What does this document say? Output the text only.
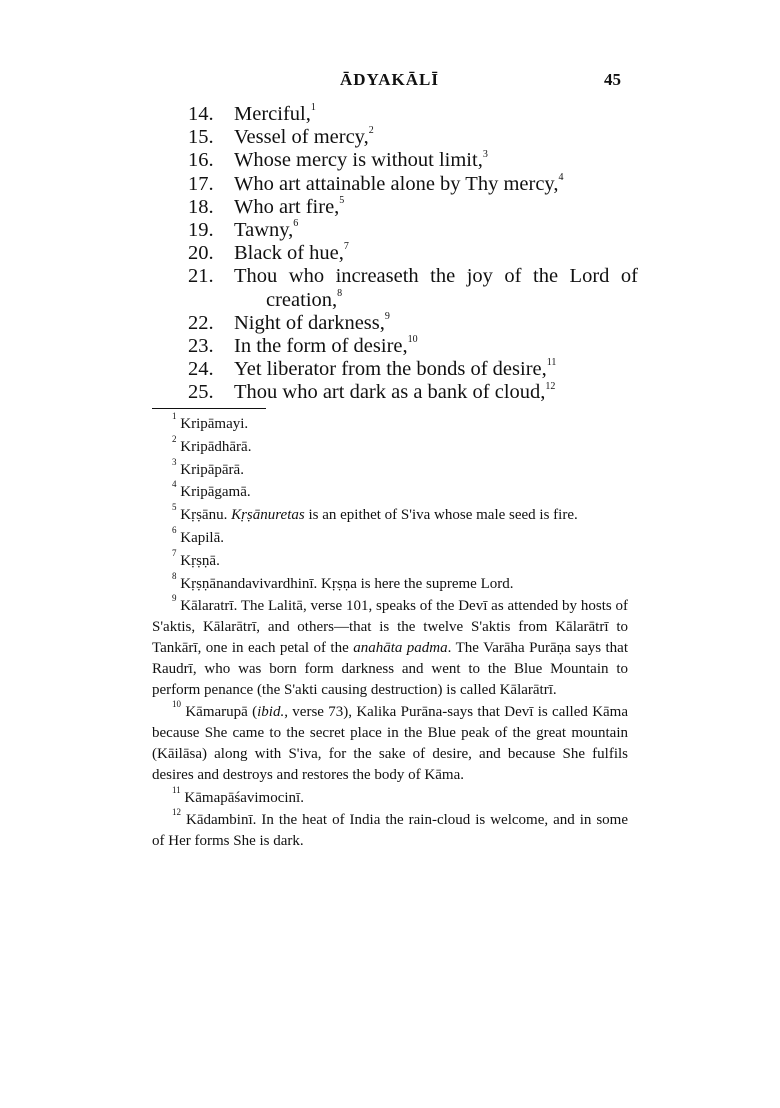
ĀDYAKĀLĪ	45
14. Merciful,$^1$
15. Vessel of mercy,$^2$
16. Whose mercy is without limit,$^3$
17. Who art attainable alone by Thy mercy,$^4$
18. Who art fire,$^5$
19. Tawny,$^6$
20. Black of hue,$^7$
21. Thou who increaseth the joy of the Lord of creation,$^8$
22. Night of darkness,$^9$
23. In the form of desire,$^{10}$
24. Yet liberator from the bonds of desire,$^{11}$
25. Thou who art dark as a bank of cloud,$^{12}$

$^1$ Kripāmayi.

$^2$ Kripādhārā.

$^3$ Kripāpārā.

$^4$ Kripāgamā.

$^5$ Kṛṣānu. Kṛṣānuretas is an epithet of S'iva whose male seed is fire.

$^6$ Kapilā.

$^7$ Kṛṣṇā.

$^8$ Kṛṣṇānandavivardhinī. Kṛṣṇa is here the supreme Lord.

$^9$ Kālaratrī. The Lalitā, verse 101, speaks of the Devī as attended by hosts of S'aktis, Kālarātrī, and others—that is the twelve S'aktis from Kālarātrī to Tankārī, one in each petal of the anahāta padma. The Varāha Purāṇa says that Raudrī, who was born form darkness and went to the Blue Mountain to perform penance (the S'akti causing destruction) is called Kālarātrī.

$^{10}$ Kāmarupā (ibid., verse 73), Kalika Purāna-says that Devī is called Kāma because She came to the secret place in the Blue peak of the great mountain (Kāilāsa) along with S'iva, for the sake of desire, and because She fulfils desires and destroys and restores the body of Kāma.

$^{11}$ Kāmapāśavimocinī.

$^{12}$ Kādambinī. In the heat of India the rain-cloud is welcome, and in some of Her forms She is dark.
